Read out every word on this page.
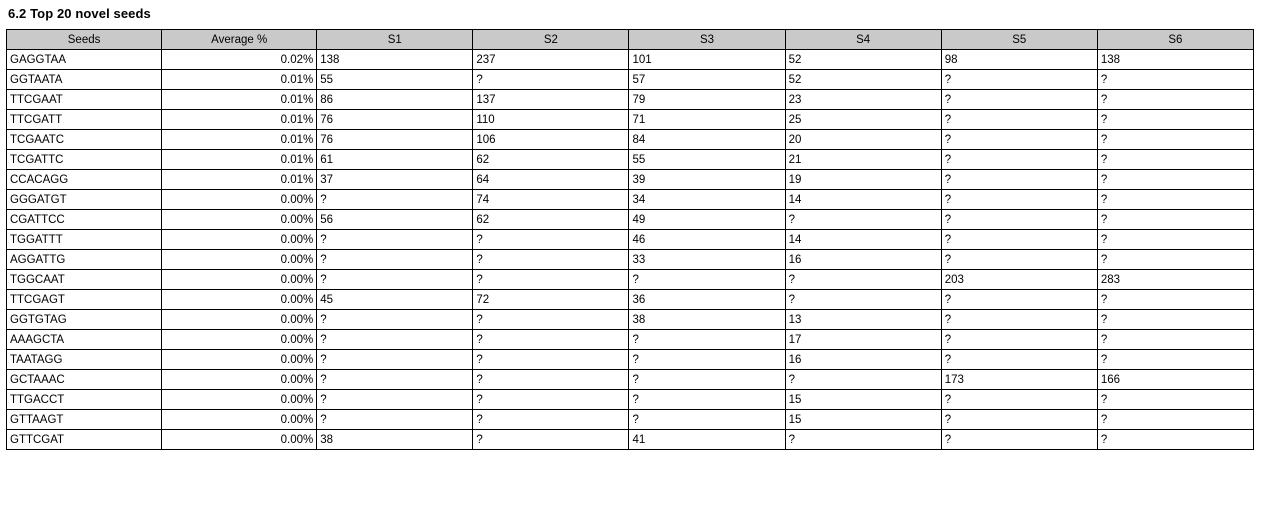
6.2 Top 20 novel seeds
Seeds	Average %	S1	S2	S3	S4	S5	S6
GAGGTAA	0.02%	138	237	101	52	98	138
GGTAATA	0.01%	55	?	57	52	?	?
TTCGAAT	0.01%	86	137	79	23	?	?
TTCGATT	0.01%	76	110	71	25	?	?
TCGAATC	0.01%	76	106	84	20	?	?
TCGATTC	0.01%	61	62	55	21	?	?
CCACAGG	0.01%	37	64	39	19	?	?
GGGATGT	0.00%	?	74	34	14	?	?
CGATTCC	0.00%	56	62	49	?	?	?
TGGATTT	0.00%	?	?	46	14	?	?
AGGATTG	0.00%	?	?	33	16	?	?
TGGCAAT	0.00%	?	?	?	?	203	283
TTCGAGT	0.00%	45	72	36	?	?	?
GGTGTAG	0.00%	?	?	38	13	?	?
AAAGCTA	0.00%	?	?	?	17	?	?
TAATAGG	0.00%	?	?	?	16	?	?
GCTAAAC	0.00%	?	?	?	?	173	166
TTGACCT	0.00%	?	?	?	15	?	?
GTTAAGT	0.00%	?	?	?	15	?	?
GTTCGAT	0.00%	38	?	41	?	?	?
